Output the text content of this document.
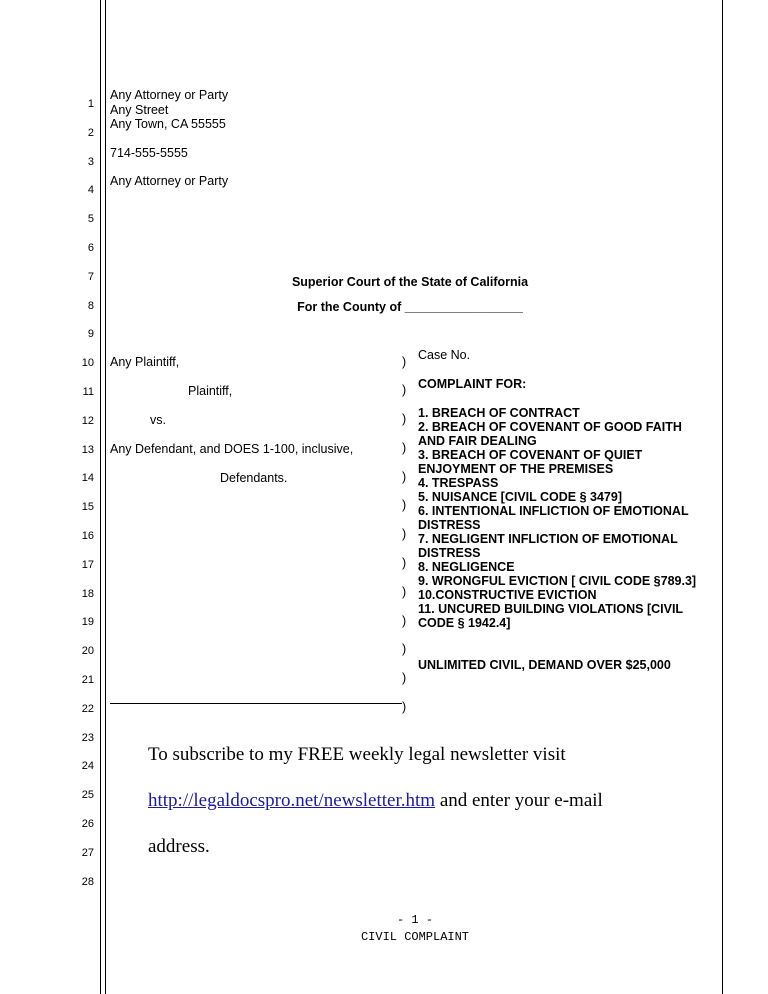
1
2
3
4
5
6
7
8
9
10
11
12
13
14
15
16
17
18
19
20
21
22
23
24
25
26
27
28
Any Attorney or Party
Any Street
Any Town, CA 55555
714-555-5555
Any Attorney or Party
Superior Court of the State of California
For the County of _________________
Any Plaintiff,
Plaintiff,
vs.
Any Defendant, and DOES 1-100, inclusive,
Defendants.
)
)
)
)
)
)
)
)
)
)
)
)
)
Case No.
COMPLAINT FOR:
1. BREACH OF CONTRACT
2. BREACH OF COVENANT OF GOOD FAITH
AND FAIR DEALING
3. BREACH OF COVENANT OF QUIET
ENJOYMENT OF THE PREMISES
4. TRESPASS
5. NUISANCE [CIVIL CODE § 3479]
6. INTENTIONAL INFLICTION OF EMOTIONAL
DISTRESS
7. NEGLIGENT INFLICTION OF EMOTIONAL
DISTRESS
8. NEGLIGENCE
9. WRONGFUL EVICTION [ CIVIL CODE §789.3]
10.CONSTRUCTIVE EVICTION
11. UNCURED BUILDING VIOLATIONS [CIVIL
CODE § 1942.4]
UNLIMITED CIVIL, DEMAND OVER $25,000
To subscribe to my FREE weekly legal newsletter visit
http://legaldocspro.net/newsletter.htm and enter your e-mail
address.
- 1 -
CIVIL COMPLAINT
